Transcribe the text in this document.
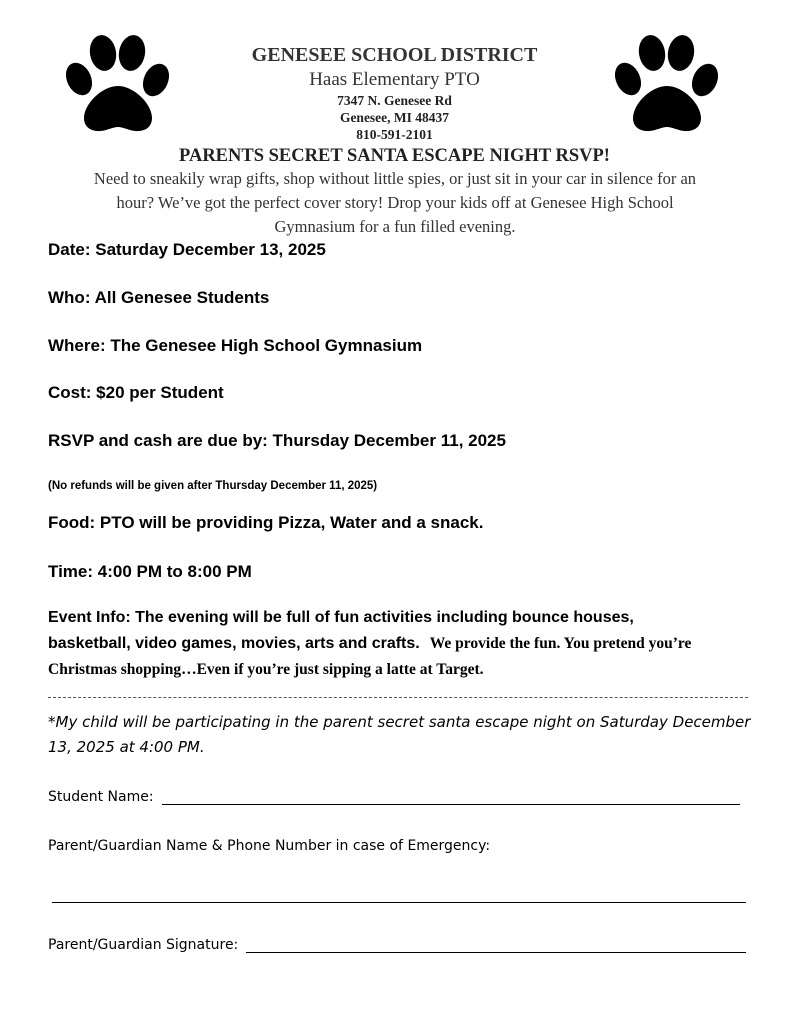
GENESEE SCHOOL DISTRICT
Haas Elementary PTO
7347 N. Genesee Rd
Genesee, MI 48437
810-591-2101
PARENTS SECRET SANTA ESCAPE NIGHT RSVP!
Need to sneakily wrap gifts, shop without little spies, or just sit in your car in silence for an
hour? We’ve got the perfect cover story! Drop your kids off at Genesee High School
Gymnasium for a fun filled evening.
Date: Saturday December 13, 2025
Who: All Genesee Students
Where: The Genesee High School Gymnasium
Cost: $20 per Student
RSVP and cash are due by: Thursday December 11, 2025
(No refunds will be given after Thursday December 11, 2025)
Food: PTO will be providing Pizza, Water and a snack.
Time: 4:00 PM to 8:00 PM
Event Info: The evening will be full of fun activities including bounce houses,
basketball, video games, movies, arts and crafts. We provide the fun. You pretend you’re
Christmas shopping…Even if you’re just sipping a latte at Target.
*My child will be participating in the parent secret santa escape night on Saturday December
13, 2025 at 4:00 PM.
Student Name:
Parent/Guardian Name & Phone Number in case of Emergency:
Parent/Guardian Signature:
